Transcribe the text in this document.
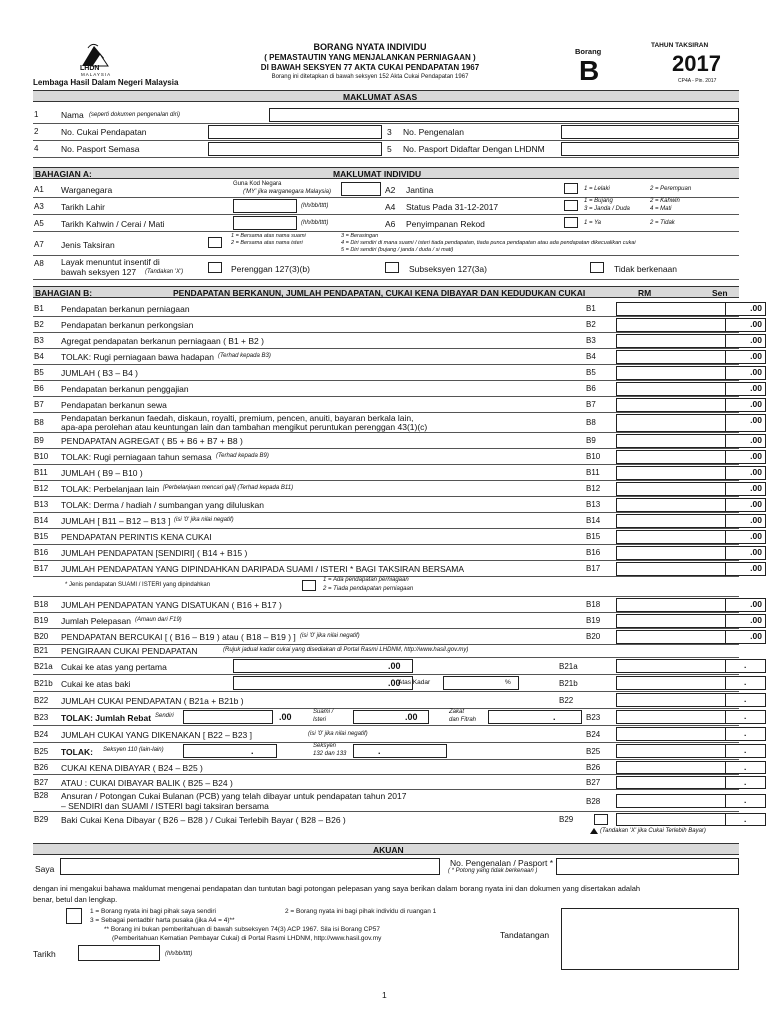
LHDN
MALAYSIA
Lembaga Hasil Dalam Negeri Malaysia
BORANG NYATA INDIVIDU
( PEMASTAUTIN YANG MENJALANKAN PERNIAGAAN )
DI BAWAH SEKSYEN 77 AKTA CUKAI PENDAPATAN 1967
Borang ini ditetapkan di bawah seksyen 152 Akta Cukai Pendapatan 1967
Borang
B
TAHUN TAKSIRAN
2017
CP4A - Pin. 2017
MAKLUMAT ASAS
1	Nama (seperti dokumen pengenalan diri)
2	No. Cukai Pendapatan	3 No. Pengenalan
4	No. Pasport Semasa	5 No. Pasport Didaftar Dengan LHDNM
BAHAGIAN A:	MAKLUMAT INDIVIDU
A1 Warganegara
Guna Kod Negara
('MY' jika warganegara Malaysia)	A2 Jantina	1 = Lelaki	2 = Perempuan
A3 Tarikh Lahir	(hh/bb/tttt)	A4 Status Pada 31-12-2017
1 = Bujang	2 = Kahwin
3 = Janda / Duda	4 = Mati
A5 Tarikh Kahwin / Cerai / Mati	(hh/bb/tttt)	A6 Penyimpanan Rekod	1 = Ya	2 = Tidak
A7 Jenis Taksiran
1 = Bersama atas nama suami
2 = Bersama atas nama isteri
3 = Berasingan
4 = Diri sendiri di mana suami / isteri tiada pendapatan, tiada punca pendapatan atau ada pendapatan dikecualikan cukai
5 = Diri sendiri (bujang / janda / duda / si mati)
A8 Layak menuntut insentif di
bawah seksyen 127 (Tandakan 'X')	Perenggan 127(3)(b)	Subseksyen 127(3a)	Tidak berkenaan
BAHAGIAN B:	PENDAPATAN BERKANUN, JUMLAH PENDAPATAN, CUKAI KENA DIBAYAR DAN KEDUDUKAN CUKAI	RM	Sen
B1 Pendapatan berkanun perniagaan	B1	.00
B2 Pendapatan berkanun perkongsian	B2	.00
B3 Agregat pendapatan berkanun perniagaan ( B1 + B2 )	B3	.00
B4 TOLAK: Rugi perniagaan bawa hadapan (Terhad kepada B3)	B4	.00
B5 JUMLAH ( B3 – B4 )	B5	.00
B6 Pendapatan berkanun penggajian	B6	.00
B7 Pendapatan berkanun sewa	B7	.00
B8 Pendapatan berkanun faedah, diskaun, royalti, premium, pencen, anuiti, bayaran berkala lain,
apa-apa perolehan atau keuntungan lain dan tambahan mengikut peruntukan perenggan 43(1)(c)	B8	.00
B9 PENDAPATAN AGREGAT ( B5 + B6 + B7 + B8 )	B9	.00
B10 TOLAK: Rugi perniagaan tahun semasa (Terhad kepada B9)	B10	.00
B11 JUMLAH ( B9 – B10 )	B11	.00
B12 TOLAK: Perbelanjaan lain [Perbelanjaan mencari gali] (Terhad kepada B11)	B12	.00
B13 TOLAK: Derma / hadiah / sumbangan yang diluluskan	B13	.00
B14 JUMLAH [ B11 – B12 – B13 ] (isi '0' jika nilai negatif)	B14	.00
B15 PENDAPATAN PERINTIS KENA CUKAI	B15	.00
B16 JUMLAH PENDAPATAN [SENDIRI] ( B14 + B15 )	B16	.00
B17 JUMLAH PENDAPATAN YANG DIPINDAHKAN DARIPADA SUAMI / ISTERI * BAGI TAKSIRAN BERSAMA	B17	.00
* Jenis pendapatan SUAMI / ISTERI yang dipindahkan
1 = Ada pendapatan perniagaan
2 = Tiada pendapatan perniagaan
B18 JUMLAH PENDAPATAN YANG DISATUKAN ( B16 + B17 )	B18	.00
B19 Jumlah Pelepasan (Amaun dari F19)	B19	.00
B20 PENDAPATAN BERCUKAI [ ( B16 – B19 ) atau ( B18 – B19 ) ] (isi '0' jika nilai negatif)	B20	.00
B21 PENGIRAAN CUKAI PENDAPATAN	(Rujuk jadual kadar cukai yang disediakan di Portal Rasmi LHDNM, http://www.hasil.gov.my)
B21a Cukai ke atas yang pertama	.00	B21a	.
B21b Cukai ke atas baki	.00
Atas Kadar	%	B21b	.
B22 JUMLAH CUKAI PENDAPATAN ( B21a + B21b )	B22	.
B23 TOLAK: Jumlah Rebat Sendiri	.00	Suami /
Isteri	.00	Zakat
dan Fitrah	.	B23	.
B24 JUMLAH CUKAI YANG DIKENAKAN [ B22 – B23 ]	(isi '0' jika nilai negatif)	B24	.
B25 TOLAK: Seksyen 110 (lain-lain)	.	Seksyen
132 dan 133	.	B25	.
B26 CUKAI KENA DIBAYAR ( B24 – B25 )	B26	.
B27 ATAU : CUKAI DIBAYAR BALIK ( B25 – B24 )	B27	.
B28 Ansuran / Potongan Cukai Bulanan (PCB) yang telah dibayar untuk pendapatan tahun 2017
– SENDIRI dan SUAMI / ISTERI bagi taksiran bersama	B28	.
B29 Baki Cukai Kena Dibayar ( B26 – B28 ) / Cukai Terlebih Bayar ( B28 – B26 )	B29	.
(Tandakan 'X' jika Cukai Terlebih Bayar)
AKUAN
Saya
No. Pengenalan / Pasport *
( * Potong yang tidak berkenaan )
dengan ini mengakui bahawa maklumat mengenai pendapatan dan tuntutan bagi potongan pelepasan yang saya berikan dalam borang nyata ini dan dokumen yang disertakan adalah
benar, betul dan lengkap.
1 = Borang nyata ini bagi pihak saya sendiri	2 = Borang nyata ini bagi pihak individu di ruangan 1
3 = Sebagai pentadbir harta pusaka (jika A4 = 4)**
** Borang ini bukan pemberitahuan di bawah subseksyen 74(3) ACP 1967. Sila isi Borang CP57
(Pemberitahuan Kematian Pembayar Cukai) di Portal Rasmi LHDNM, http://www.hasil.gov.my	Tandatangan
Tarikh	(hh/bb/tttt)
1
